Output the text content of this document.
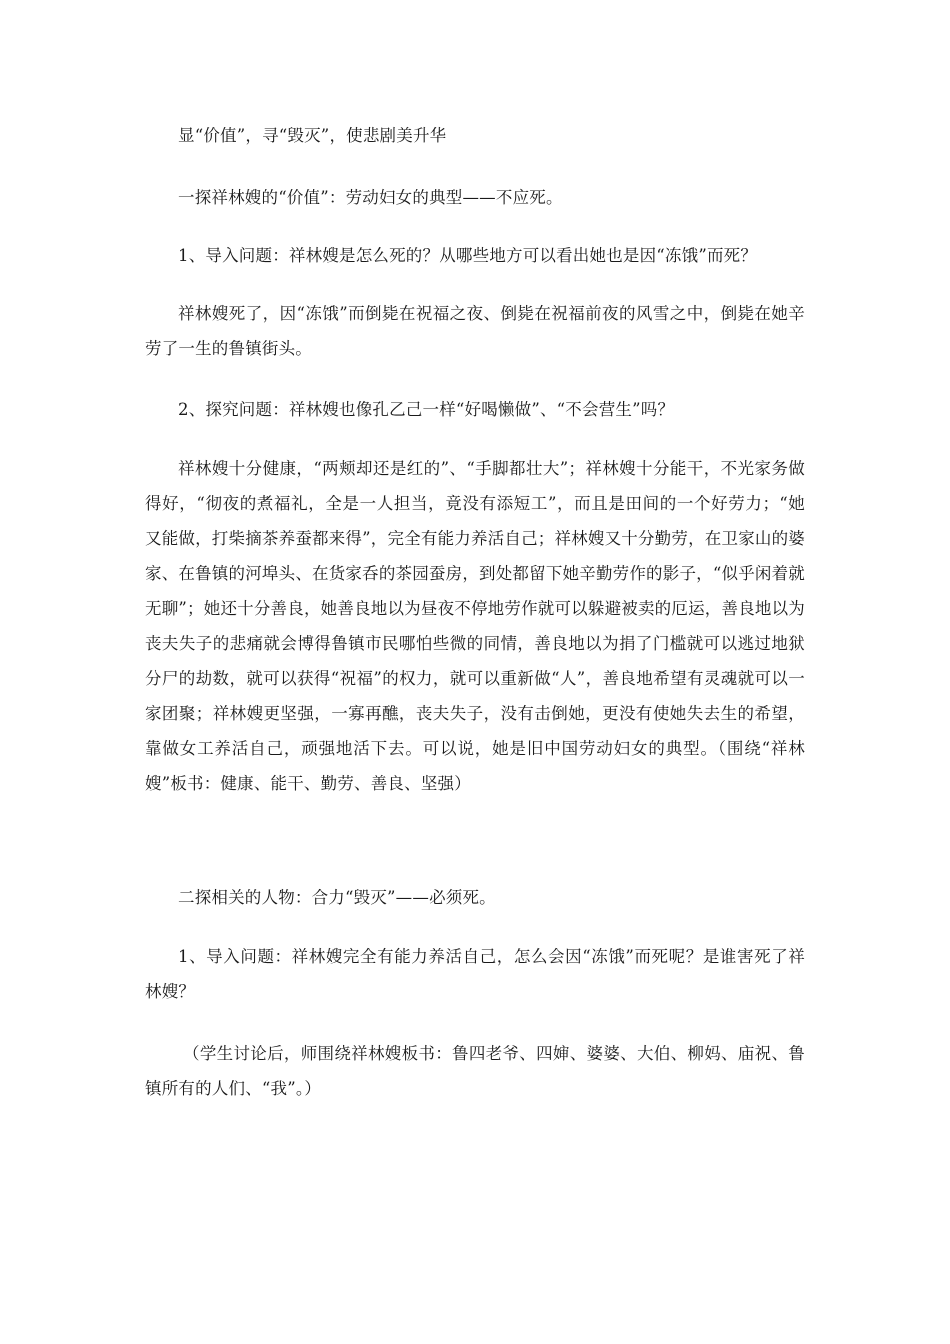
显“价值”，寻“毁灭”，使悲剧美升华

一探祥林嫂的“价值”：劳动妇女的典型——不应死。

1、导入问题：祥林嫂是怎么死的？从哪些地方可以看出她也是因“冻饿”而死？

祥林嫂死了，因“冻饿”而倒毙在祝福之夜、倒毙在祝福前夜的风雪之中，倒毙在她辛劳了一生的鲁镇街头。

2、探究问题：祥林嫂也像孔乙己一样“好喝懒做”、“不会营生”吗？

祥林嫂十分健康，“两颊却还是红的”、“手脚都壮大”；祥林嫂十分能干，不光家务做得好，“彻夜的煮福礼，全是一人担当，竟没有添短工”，而且是田间的一个好劳力；“她又能做，打柴摘茶养蚕都来得”，完全有能力养活自己；祥林嫂又十分勤劳，在卫家山的婆家、在鲁镇的河埠头、在货家呑的茶园蚕房，到处都留下她辛勤劳作的影子，“似乎闲着就无聊”；她还十分善良，她善良地以为昼夜不停地劳作就可以躲避被卖的厄运，善良地以为丧夫失子的悲痛就会博得鲁镇市民哪怕些微的同情，善良地以为捐了门槛就可以逃过地狱分尸的劫数，就可以获得“祝福”的权力，就可以重新做“人”，善良地希望有灵魂就可以一家团聚；祥林嫂更坚强，一寡再醮，丧夫失子，没有击倒她，更没有使她失去生的希望，靠做女工养活自己，顽强地活下去。可以说，她是旧中国劳动妇女的典型。（围绕“祥林嫂”板书：健康、能干、勤劳、善良、坚强）

二探相关的人物：合力“毁灭”——必须死。

1、导入问题：祥林嫂完全有能力养活自己，怎么会因“冻饿”而死呢？是谁害死了祥林嫂？

（学生讨论后，师围绕祥林嫂板书：鲁四老爷、四婶、婆婆、大伯、柳妈、庙祝、鲁镇所有的人们、“我”。）
